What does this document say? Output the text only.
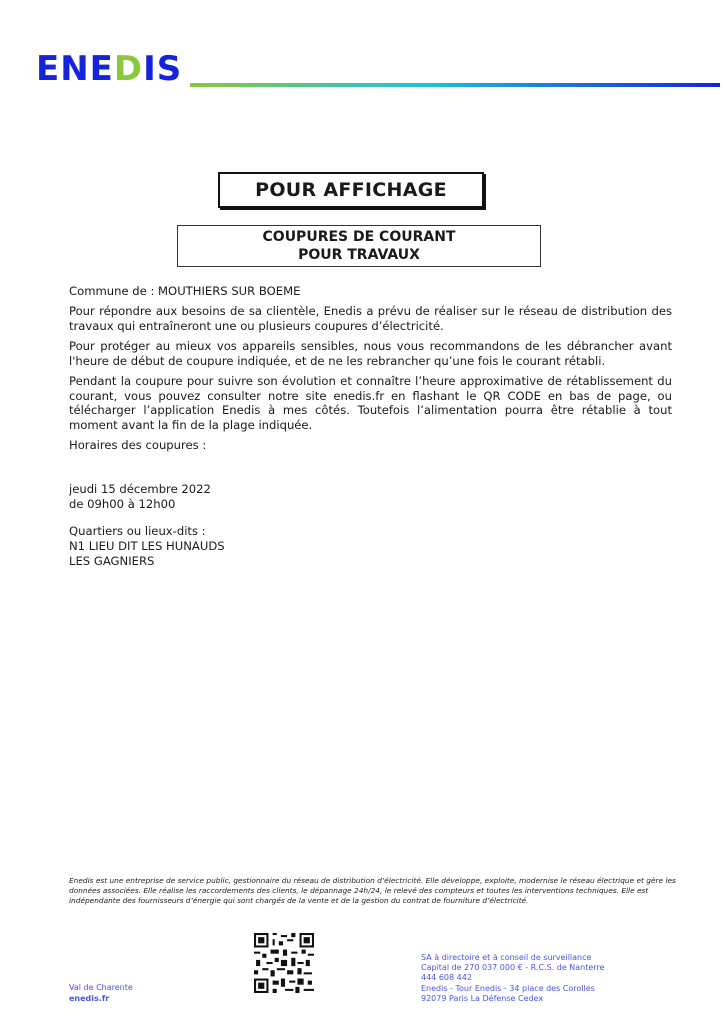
ENEDIS
POUR AFFICHAGE
COUPURES DE COURANT
POUR TRAVAUX
Commune de : MOUTHIERS SUR BOEME
Pour répondre aux besoins de sa clientèle, Enedis a prévu de réaliser sur le réseau de distribution des travaux qui entraîneront une ou plusieurs coupures d’électricité.
Pour protéger au mieux vos appareils sensibles, nous vous recommandons de les débrancher avant l'heure de début de coupure indiquée, et de ne les rebrancher qu’une fois le courant rétabli.
Pendant la coupure pour suivre son évolution et connaître l’heure approximative de rétablissement du courant, vous pouvez consulter notre site enedis.fr en flashant le QR CODE en bas de page, ou télécharger l’application Enedis à mes côtés. Toutefois l’alimentation pourra être rétablie à tout moment avant la fin de la plage indiquée.
Horaires des coupures :
jeudi 15 décembre 2022
de 09h00 à 12h00
Quartiers ou lieux-dits :
N1 LIEU DIT LES HUNAUDS
LES GAGNIERS
Enedis est une entreprise de service public, gestionnaire du réseau de distribution d’électricité. Elle développe, exploite, modernise le réseau électrique et gère les données associées. Elle réalise les raccordements des clients, le dépannage 24h/24, le relevé des compteurs et toutes les interventions techniques. Elle est indépendante des fournisseurs d’énergie qui sont chargés de la vente et de la gestion du contrat de fourniture d’électricité.
Val de Charente
enedis.fr
SA à directoire et à conseil de surveillance
Capital de 270 037 000 € - R.C.S. de Nanterre
444 608 442
Enedis - Tour Enedis - 34 place des Corolles
92079 Paris La Défense Cedex
